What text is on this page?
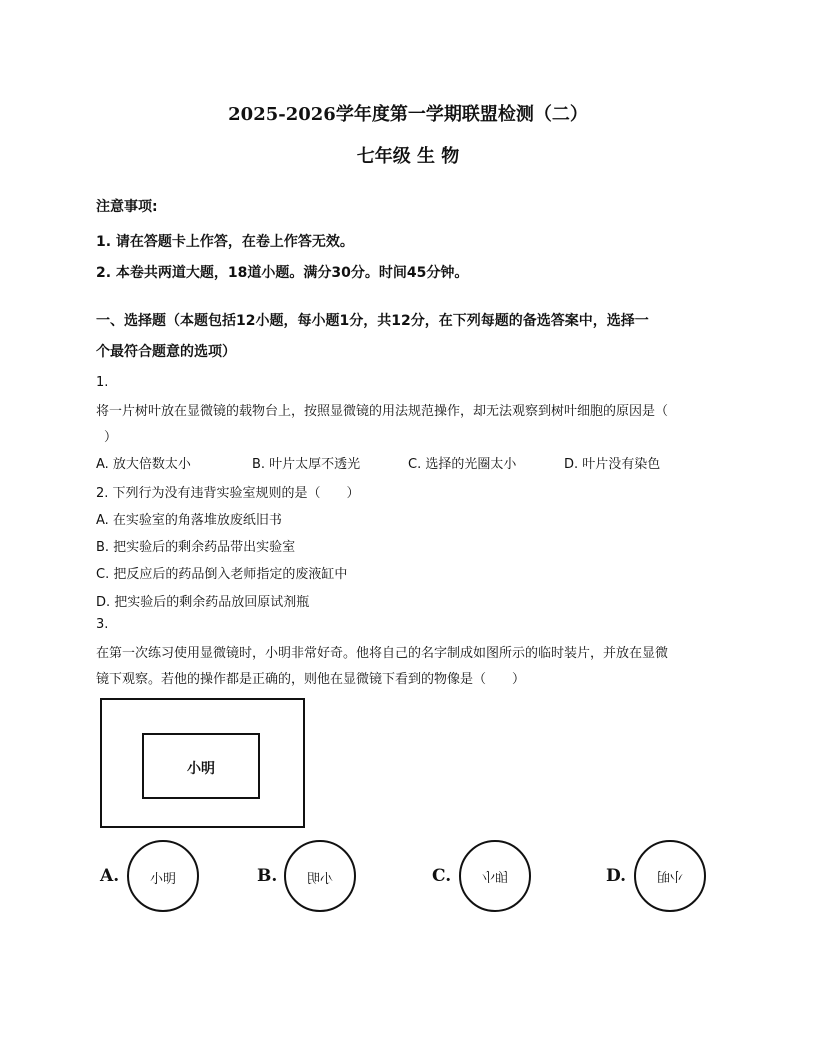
2025-2026学年度第一学期联盟检测（二）
七年级 生 物
注意事项:
1. 请在答题卡上作答，在卷上作答无效。
2. 本卷共两道大题，18道小题。满分30分。时间45分钟。
一、选择题（本题包括12小题，每小题1分，共12分，在下列每题的备选答案中，选择一
个最符合题意的选项）
1.
将一片树叶放在显微镜的载物台上，按照显微镜的用法规范操作，却无法观察到树叶细胞的原因是（
）
A. 放大倍数太小	B. 叶片太厚不透光	C. 选择的光圈太小	D. 叶片没有染色
2. 下列行为没有违背实验室规则的是（　　）
A. 在实验室的角落堆放废纸旧书
B. 把实验后的剩余药品带出实验室
C. 把反应后的药品倒入老师指定的废液缸中
D. 把实验后的剩余药品放回原试剂瓶
3.
在第一次练习使用显微镜时，小明非常好奇。他将自己的名字制成如图所示的临时装片，并放在显微
镜下观察。若他的操作都是正确的，则他在显微镜下看到的物像是（　　）
小明
A.	小明	B.	小明	C.	小明	D.	小明
